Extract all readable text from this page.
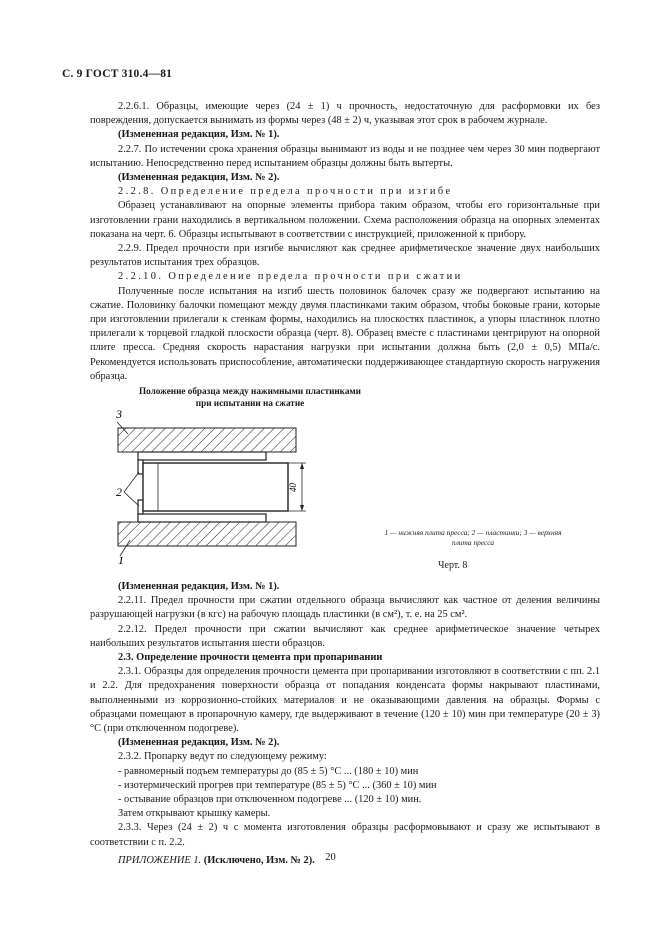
С. 9 ГОСТ 310.4—81

2.2.6.1. Образцы, имеющие через (24 ± 1) ч прочность, недостаточную для расформовки их без повреждения, допускается вынимать из формы через (48 ± 2) ч, указывая этот срок в рабочем журнале.

(Измененная редакция, Изм. № 1).

2.2.7. По истечении срока хранения образцы вынимают из воды и не позднее чем через 30 мин подвергают испытанию. Непосредственно перед испытанием образцы должны быть вытерты.

(Измененная редакция, Изм. № 2).

2.2.8. Определение предела прочности при изгибе

Образец устанавливают на опорные элементы прибора таким образом, чтобы его горизонтальные при изготовлении грани находились в вертикальном положении. Схема расположения образца на опорных элементах показана на черт. 6. Образцы испытывают в соответствии с инструкцией, приложенной к прибору.

2.2.9. Предел прочности при изгибе вычисляют как среднее арифметическое значение двух наибольших результатов испытания трех образцов.

2.2.10. Определение предела прочности при сжатии

Полученные после испытания на изгиб шесть половинок балочек сразу же подвергают испытанию на сжатие. Половинку балочки помещают между двумя пластинками таким образом, чтобы боковые грани, которые при изготовлении прилегали к стенкам формы, находились на плоскостях пластинок, а упоры пластинок плотно прилегали к торцевой гладкой плоскости образца (черт. 8). Образец вместе с пластинами центрируют на опорной плите пресса. Средняя скорость нарастания нагрузки при испытании должна быть (2,0 ± 0,5) МПа/с. Рекомендуется использовать приспособление, автоматически поддерживающее стандартную скорость нагружения образца.

Положение образца между нажимными пластинками
при испытании на сжатие
40
3
2
1
1 — нижняя плита пресса; 2 — пластинки; 3 — верхняя
плита пресса
Черт. 8

(Измененная редакция, Изм. № 1).

2.2.11. Предел прочности при сжатии отдельного образца вычисляют как частное от деления величины разрушающей нагрузки (в кгс) на рабочую площадь пластинки (в см²), т. е. на 25 см².

2.2.12. Предел прочности при сжатии вычисляют как среднее арифметическое значение четырех наибольших результатов испытания шести образцов.

2.3. Определение прочности цемента при пропаривании

2.3.1. Образцы для определения прочности цемента при пропаривании изготовляют в соответствии с пп. 2.1 и 2.2. Для предохранения поверхности образца от попадания конденсата формы накрывают пластинами, выполненными из коррозионно-стойких материалов и не оказывающими давления на образцы. Формы с образцами помещают в пропарочную камеру, где выдерживают в течение (120 ± 10) мин при температуре (20 ± 3) °С (при отключенном подогреве).

(Измененная редакция, Изм. № 2).

2.3.2. Пропарку ведут по следующему режиму:

- равномерный подъем температуры до (85 ± 5) °С ... (180 ± 10) мин

- изотермический прогрев при температуре (85 ± 5) °С ... (360 ± 10) мин

- остывание образцов при отключенном подогреве ... (120 ± 10) мин.

Затем открывают крышку камеры.

2.3.3. Через (24 ± 2) ч с момента изготовления образцы расформовывают и сразу же испытывают в соответствии с п. 2.2.

ПРИЛОЖЕНИЕ 1. (Исключено, Изм. № 2). 20
